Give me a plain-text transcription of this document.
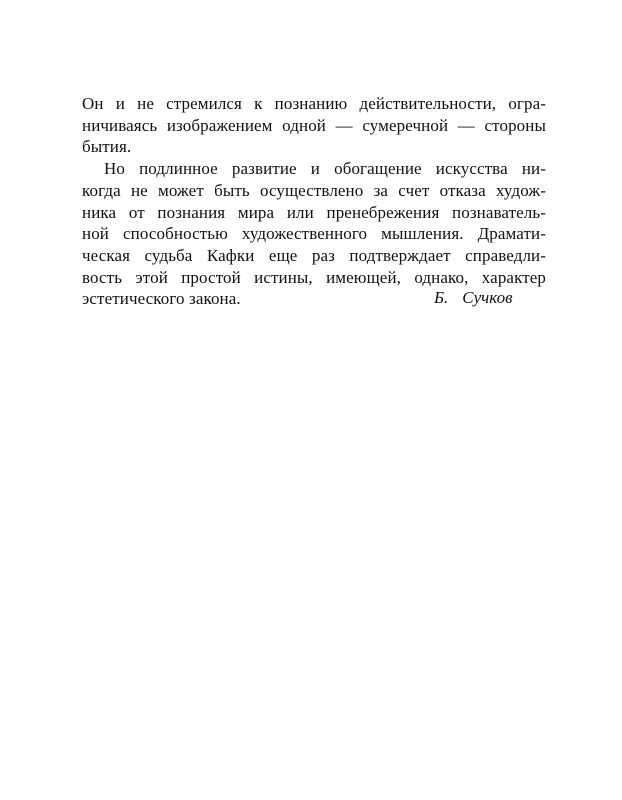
Он и не стремился к познанию действительности, огра-
ничиваясь изображением одной — сумеречной — стороны
бытия.
Но подлинное развитие и обогащение искусства ни-
когда не может быть осуществлено за счет отказа худож-
ника от познания мира или пренебрежения познаватель-
ной способностью художественного мышления. Драмати-
ческая судьба Кафки еще раз подтверждает справедли-
вость этой простой истины, имеющей, однако, характер
эстетического закона.	Б. Сучков
